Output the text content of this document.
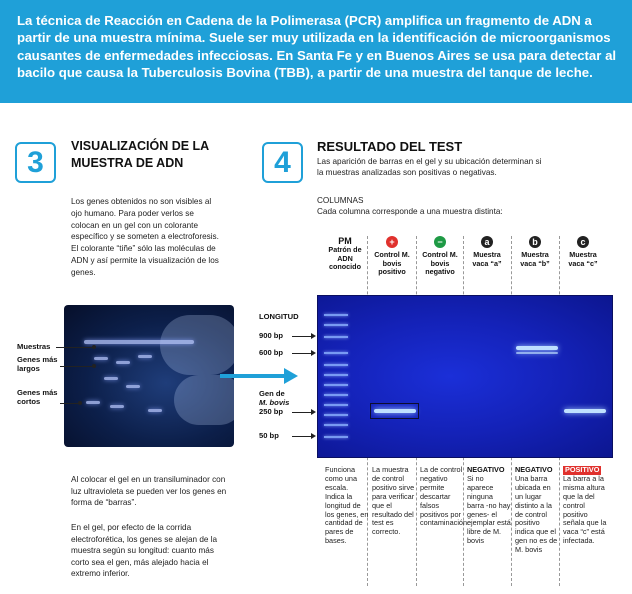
La técnica de Reacción en Cadena de la Polimerasa (PCR) amplifica un fragmento de ADN a partir de una muestra mínima. Suele ser muy utilizada en la identificación de microorganismos causantes de enfermedades infecciosas. En Santa Fe y en Buenos Aires se usa para detectar al bacilo que causa la Tuberculosis Bovina (TBB), a partir de una muestra del tanque de leche.
3	VISUALIZACIÓN DE LA MUESTRA DE ADN
Los genes obtenidos no son visibles al ojo humano. Para poder verlos se colocan en un gel con un colorante específico y se someten a electroforesis. El colorante “tiñe” sólo las moléculas de ADN y así permite la visualización de los genes.
Muestras
Genes más largos
Genes más cortos
Al colocar el gel en un transiluminador con luz ultravioleta se pueden ver los genes en forma de “barras”.
En el gel, por efecto de la corrida electroforética, los genes se alejan de la muestra según su longitud: cuanto más corto sea el gen, más alejado hacia el extremo inferior.
4	RESULTADO DEL TEST
Las aparición de barras en el gel y su ubicación determinan si la muestras analizadas son positivas o negativas.
COLUMNAS
Cada columna corresponde a una muestra distinta:
PM
Patrón de ADN conocido
+
Control M. bovis positivo
−
Control M. bovis negativo
a
Muestra vaca “a”
b
Muestra vaca “b”
c
Muestra vaca “c”
LONGITUD
900 bp
600 bp
Gen de
M. bovis
250 bp
50 bp
Funciona como una escala. Indica la longitud de los genes, en cantidad de pares de bases.
La muestra de control positivo sirve para verificar que el resultado del test es correcto.
La de control negativo permite descartar falsos positivos por contaminación.
NEGATIVO
Si no aparece ninguna barra -no hay genes- el ejemplar está libre de M. bovis
NEGATIVO
Una barra ubicada en un lugar distinto a la de control positivo indica que el gen no es de M. bovis
POSITIVO
La barra a la misma altura que la del control positivo señala que la vaca “c” está infectada.
